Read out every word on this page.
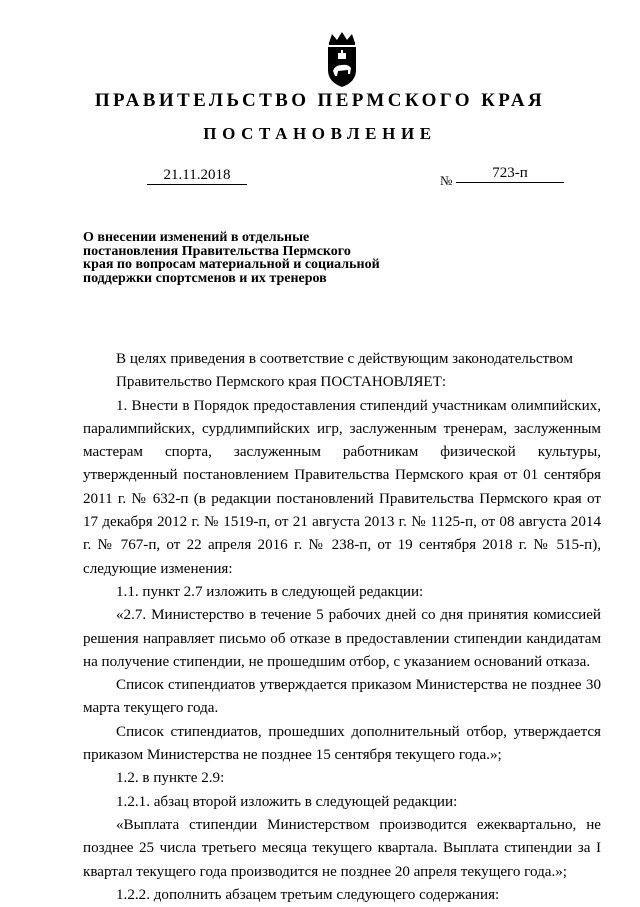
ПРАВИТЕЛЬСТВО ПЕРМСКОГО КРАЯ
ПОСТАНОВЛЕНИЕ
21.11.2018	№	723-п
О внесении изменений в отдельные
постановления Правительства Пермского
края по вопросам материальной и социальной
поддержки спортсменов и их тренеров

В целях приведения в соответствие с действующим законодательством

Правительство Пермского края ПОСТАНОВЛЯЕТ:

1. Внести в Порядок предоставления стипендий участникам олимпийских, паралимпийских, сурдлимпийских игр, заслуженным тренерам, заслуженным мастерам спорта, заслуженным работникам физической культуры, утвержденный постановлением Правительства Пермского края от 01 сентября 2011 г. № 632-п (в редакции постановлений Правительства Пермского края от 17 декабря 2012 г. № 1519-п, от 21 августа 2013 г. № 1125-п, от 08 августа 2014 г. № 767-п, от 22 апреля 2016 г. № 238-п, от 19 сентября 2018 г. № 515-п), следующие изменения:

1.1. пункт 2.7 изложить в следующей редакции:

«2.7. Министерство в течение 5 рабочих дней со дня принятия комиссией решения направляет письмо об отказе в предоставлении стипендии кандидатам на получение стипендии, не прошедшим отбор, с указанием оснований отказа.

Список стипендиатов утверждается приказом Министерства не позднее 30 марта текущего года.

Список стипендиатов, прошедших дополнительный отбор, утверждается приказом Министерства не позднее 15 сентября текущего года.»;

1.2. в пункте 2.9:

1.2.1. абзац второй изложить в следующей редакции:

«Выплата стипендии Министерством производится ежеквартально, не позднее 25 числа третьего месяца текущего квартала. Выплата стипендии за I квартал текущего года производится не позднее 20 апреля текущего года.»;

1.2.2. дополнить абзацем третьим следующего содержания:
